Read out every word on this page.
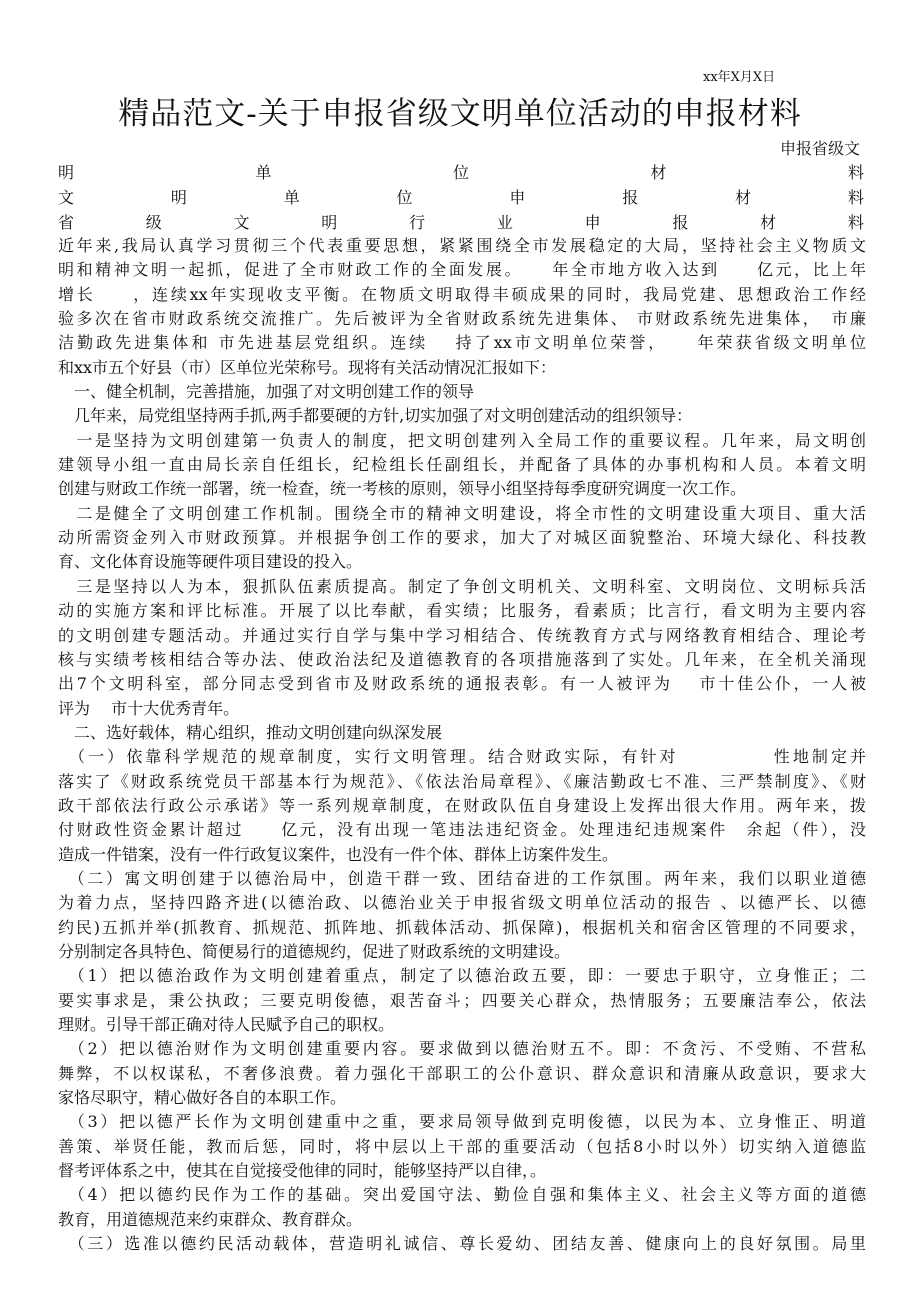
xx年X月X日
精品范文-关于申报省级文明单位活动的申报材料
申报省级文
明	单	位	材	料
文	明	单	位	申	报	材	料
省	级	文	明	行	业	申	报	材	料
近年来,我局认真学习贯彻三个代表重要思想，紧紧围绕全市发展稳定的大局，坚持社会主义物质文
明和精神文明一起抓，促进了全市财政工作的全面发展。　　年全市地方收入达到　　亿元，比上年
增长　　，连续xx年实现收支平衡。在物质文明取得丰硕成果的同时，我局党建、思想政治工作经
验多次在省市财政系统交流推广。先后被评为全省财政系统先进集体、 市财政系统先进集体，　市廉
洁勤政先进集体和 市先进基层党组织。连续　 持了xx市文明单位荣誉，　　年荣获省级文明单位
和xx市五个好县（市）区单位光荣称号。现将有关活动情况汇报如下：
　一、健全机制，完善措施，加强了对文明创建工作的领导
　几年来，局党组坚持两手抓,两手都要硬的方针,切实加强了对文明创建活动的组织领导：
　一是坚持为文明创建第一负责人的制度，把文明创建列入全局工作的重要议程。几年来，局文明创
建领导小组一直由局长亲自任组长，纪检组长任副组长，并配备了具体的办事机构和人员。本着文明
创建与财政工作统一部署，统一检查，统一考核的原则，领导小组坚持每季度研究调度一次工作。
　二是健全了文明创建工作机制。围绕全市的精神文明建设，将全市性的文明建设重大项目、重大活
动所需资金列入市财政预算。并根据争创工作的要求，加大了对城区面貌整治、环境大绿化、科技教
育、文化体育设施等硬件项目建设的投入。
　三是坚持以人为本，狠抓队伍素质提高。制定了争创文明机关、文明科室、文明岗位、文明标兵活
动的实施方案和评比标准。开展了以比奉献，看实绩；比服务，看素质；比言行，看文明为主要内容
的文明创建专题活动。并通过实行自学与集中学习相结合、传统教育方式与网络教育相结合、理论考
核与实绩考核相结合等办法、使政治法纪及道德教育的各项措施落到了实处。几年来，在全机关涌现
出7个文明科室，部分同志受到省市及财政系统的通报表彰。有一人被评为　 市十佳公仆，一人被
评为　 市十大优秀青年。
　二、选好载体，精心组织，推动文明创建向纵深发展
　（一）依靠科学规范的规章制度，实行文明管理。结合财政实际，有针对　　　　　性地制定并
落实了《财政系统党员干部基本行为规范》、《依法治局章程》、《廉洁勤政七不准、三严禁制度》、《财
政干部依法行政公示承诺》等一系列规章制度，在财政队伍自身建设上发挥出很大作用。两年来，拨
付财政性资金累计超过　　亿元，没有出现一笔违法违纪资金。处理违纪违规案件　余起（件），没
造成一件错案，没有一件行政复议案件，也没有一件个体、群体上访案件发生。
　（二）寓文明创建于以德治局中，创造干群一致、团结奋进的工作氛围。两年来，我们以职业道德
为着力点，坚持四路齐进(以德治政、以德治业关于申报省级文明单位活动的报告 、以德严长、以德
约民)五抓并举(抓教育、抓规范、抓阵地、抓载体活动、抓保障)，根据机关和宿舍区管理的不同要求，
分别制定各具特色、简便易行的道德规约，促进了财政系统的文明建设。
　（1）把以德治政作为文明创建着重点，制定了以德治政五要，即：一要忠于职守，立身惟正；二
要实事求是，秉公执政；三要克明俊德，艰苦奋斗；四要关心群众，热情服务；五要廉洁奉公，依法
理财。引导干部正确对待人民赋予自己的职权。
　（2）把以德治财作为文明创建重要内容。要求做到以德治财五不。即：不贪污、不受贿、不营私
舞弊，不以权谋私，不奢侈浪费。着力强化干部职工的公仆意识、群众意识和清廉从政意识，要求大
家恪尽职守，精心做好各自的本职工作。
　（3）把以德严长作为文明创建重中之重，要求局领导做到克明俊德，以民为本、立身惟正、明道
善策、举贤任能，教而后惩，同时，将中层以上干部的重要活动（包括8小时以外）切实纳入道德监
督考评体系之中，使其在自觉接受他律的同时，能够坚持严以自律，。
　（4）把以德约民作为工作的基础。突出爱国守法、勤俭自强和集体主义、社会主义等方面的道德
教育，用道德规范来约束群众、教育群众。
　（三）选准以德约民活动载体，营造明礼诚信、尊长爱幼、团结友善、健康向上的良好氛围。局里
